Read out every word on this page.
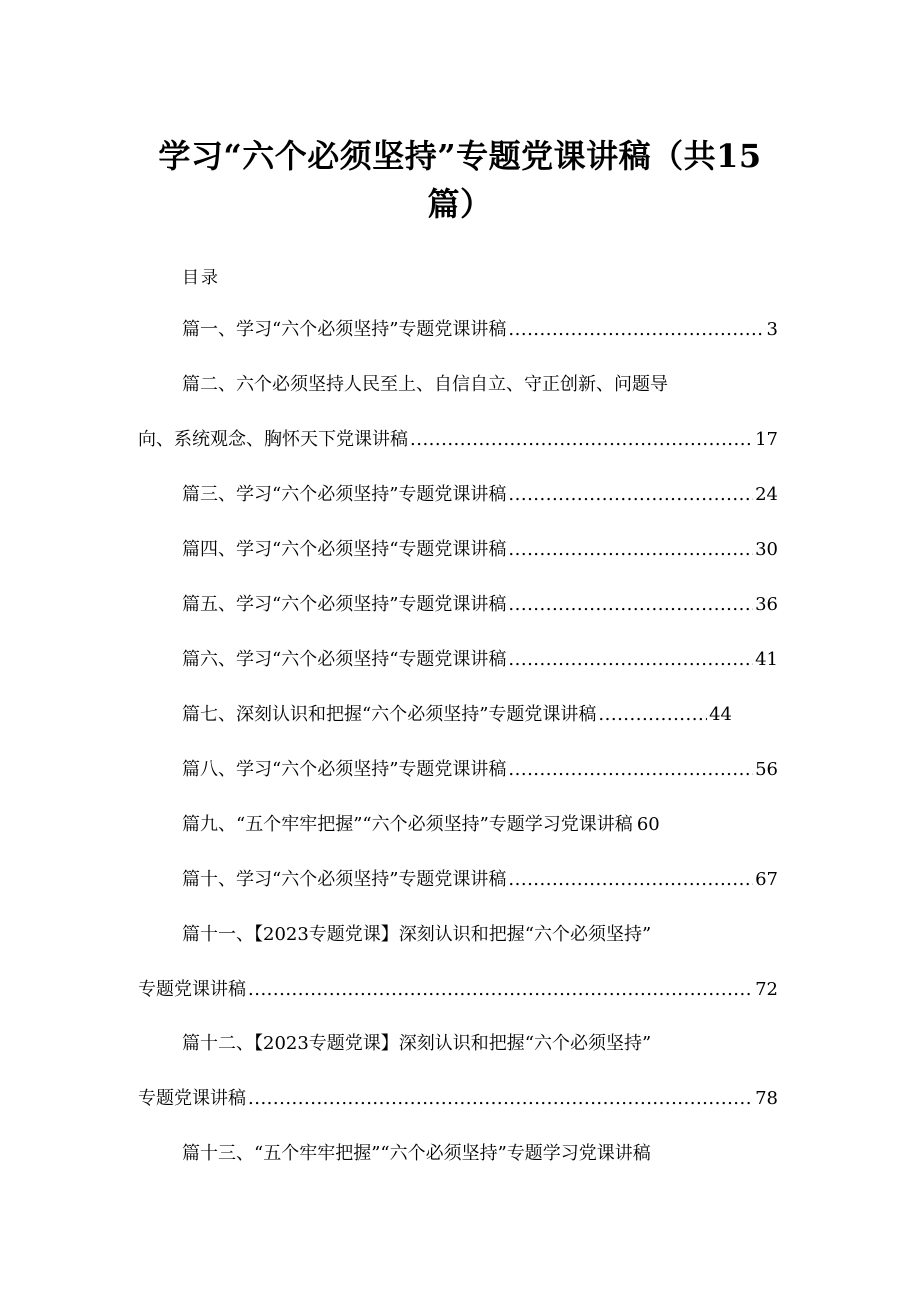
学习“六个必须坚持”专题党课讲稿（共15
篇）
目录
篇一、学习“六个必须坚持”专题党课讲稿 .....	3
篇二、六个必须坚持人民至上、自信自立、守正创新、问题导
向、系统观念、胸怀天下党课讲稿 .....	17
篇三、学习“六个必须坚持”专题党课讲稿 .....	24
篇四、学习“六个必须坚持“专题党课讲稿 .....	30
篇五、学习“六个必须坚持”专题党课讲稿 .....	36
篇六、学习“六个必须坚持“专题党课讲稿 .....	41
篇七、深刻认识和把握“六个必须坚持”专题党课讲稿 .....	44
篇八、学习“六个必须坚持”专题党课讲稿 .....	56
篇九、“五个牢牢把握”“六个必须坚持”专题学习党课讲稿 60
篇十、学习“六个必须坚持”专题党课讲稿 .....	67
篇十一、【2023专题党课】深刻认识和把握“六个必须坚持”
专题党课讲稿 .....	72
篇十二、【2023专题党课】深刻认识和把握“六个必须坚持”
专题党课讲稿 .....	78
篇十三、“五个牢牢把握”“六个必须坚持”专题学习党课讲稿
